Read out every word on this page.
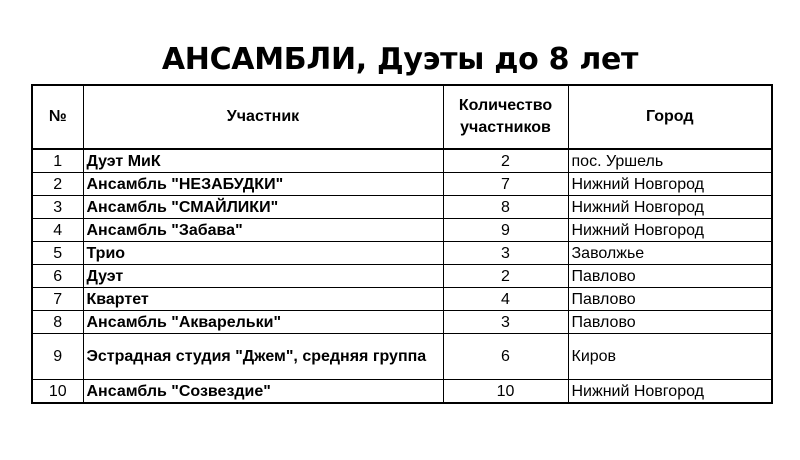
АНСАМБЛИ, Дуэты до 8 лет
№	Участник	Количество участников	Город
1	Дуэт МиК	2	пос. Уршель
2	Ансамбль "НЕЗАБУДКИ"	7	Нижний Новгород
3	Ансамбль "СМАЙЛИКИ"	8	Нижний Новгород
4	Ансамбль "Забава"	9	Нижний Новгород
5	Трио	3	Заволжье
6	Дуэт	2	Павлово
7	Квартет	4	Павлово
8	Ансамбль "Акварельки"	3	Павлово
9	Эстрадная студия "Джем", средняя группа	6	Киров
10	Ансамбль "Созвездие"	10	Нижний Новгород
